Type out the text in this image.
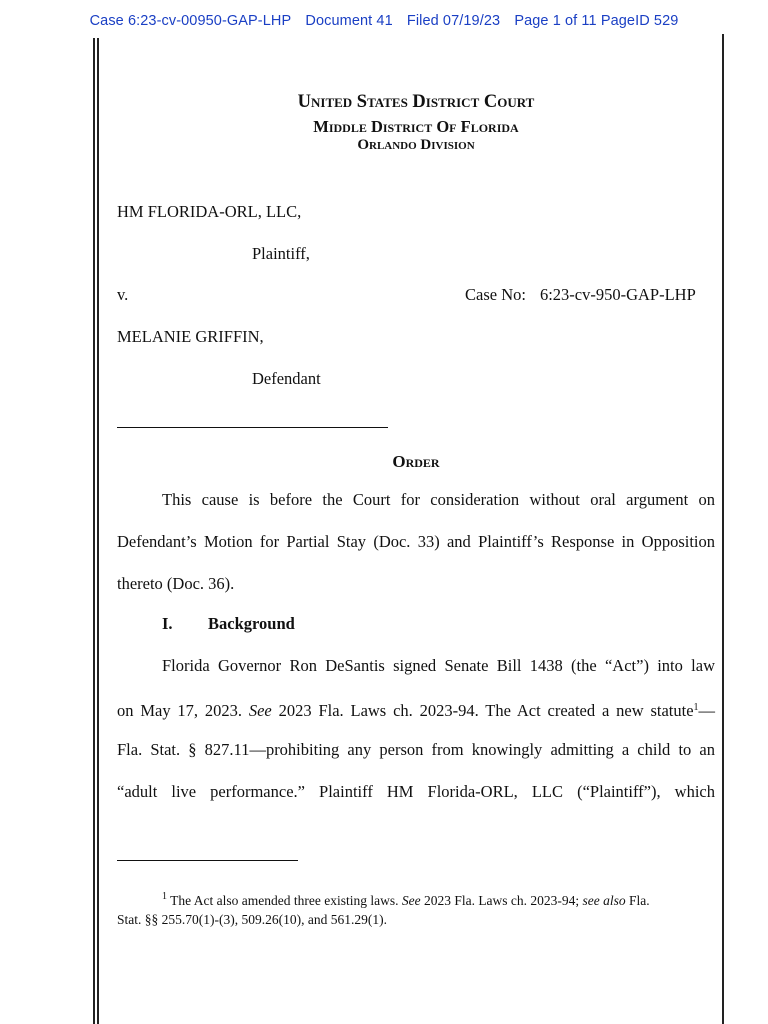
Case 6:23-cv-00950-GAP-LHP Document 41 Filed 07/19/23 Page 1 of 11 PageID 529
United States District Court
Middle District Of Florida
Orlando Division
HM FLORIDA-ORL, LLC,
Plaintiff,
v.	Case No: 6:23-cv-950-GAP-LHP
MELANIE GRIFFIN,
Defendant
Order
This cause is before the Court for consideration without oral argument on
Defendant’s Motion for Partial Stay (Doc. 33) and Plaintiff’s Response in Opposition
thereto (Doc. 36).
I. Background
Florida Governor Ron DeSantis signed Senate Bill 1438 (the “Act”) into law
on May 17, 2023. See 2023 Fla. Laws ch. 2023-94. The Act created a new statute$^1$—
Fla. Stat. § 827.11—prohibiting any person from knowingly admitting a child to an
“adult live performance.” Plaintiff HM Florida-ORL, LLC (“Plaintiff”), which
$^1$ The Act also amended three existing laws. See 2023 Fla. Laws ch. 2023-94; see also Fla.
Stat. §§ 255.70(1)-(3), 509.26(10), and 561.29(1).
